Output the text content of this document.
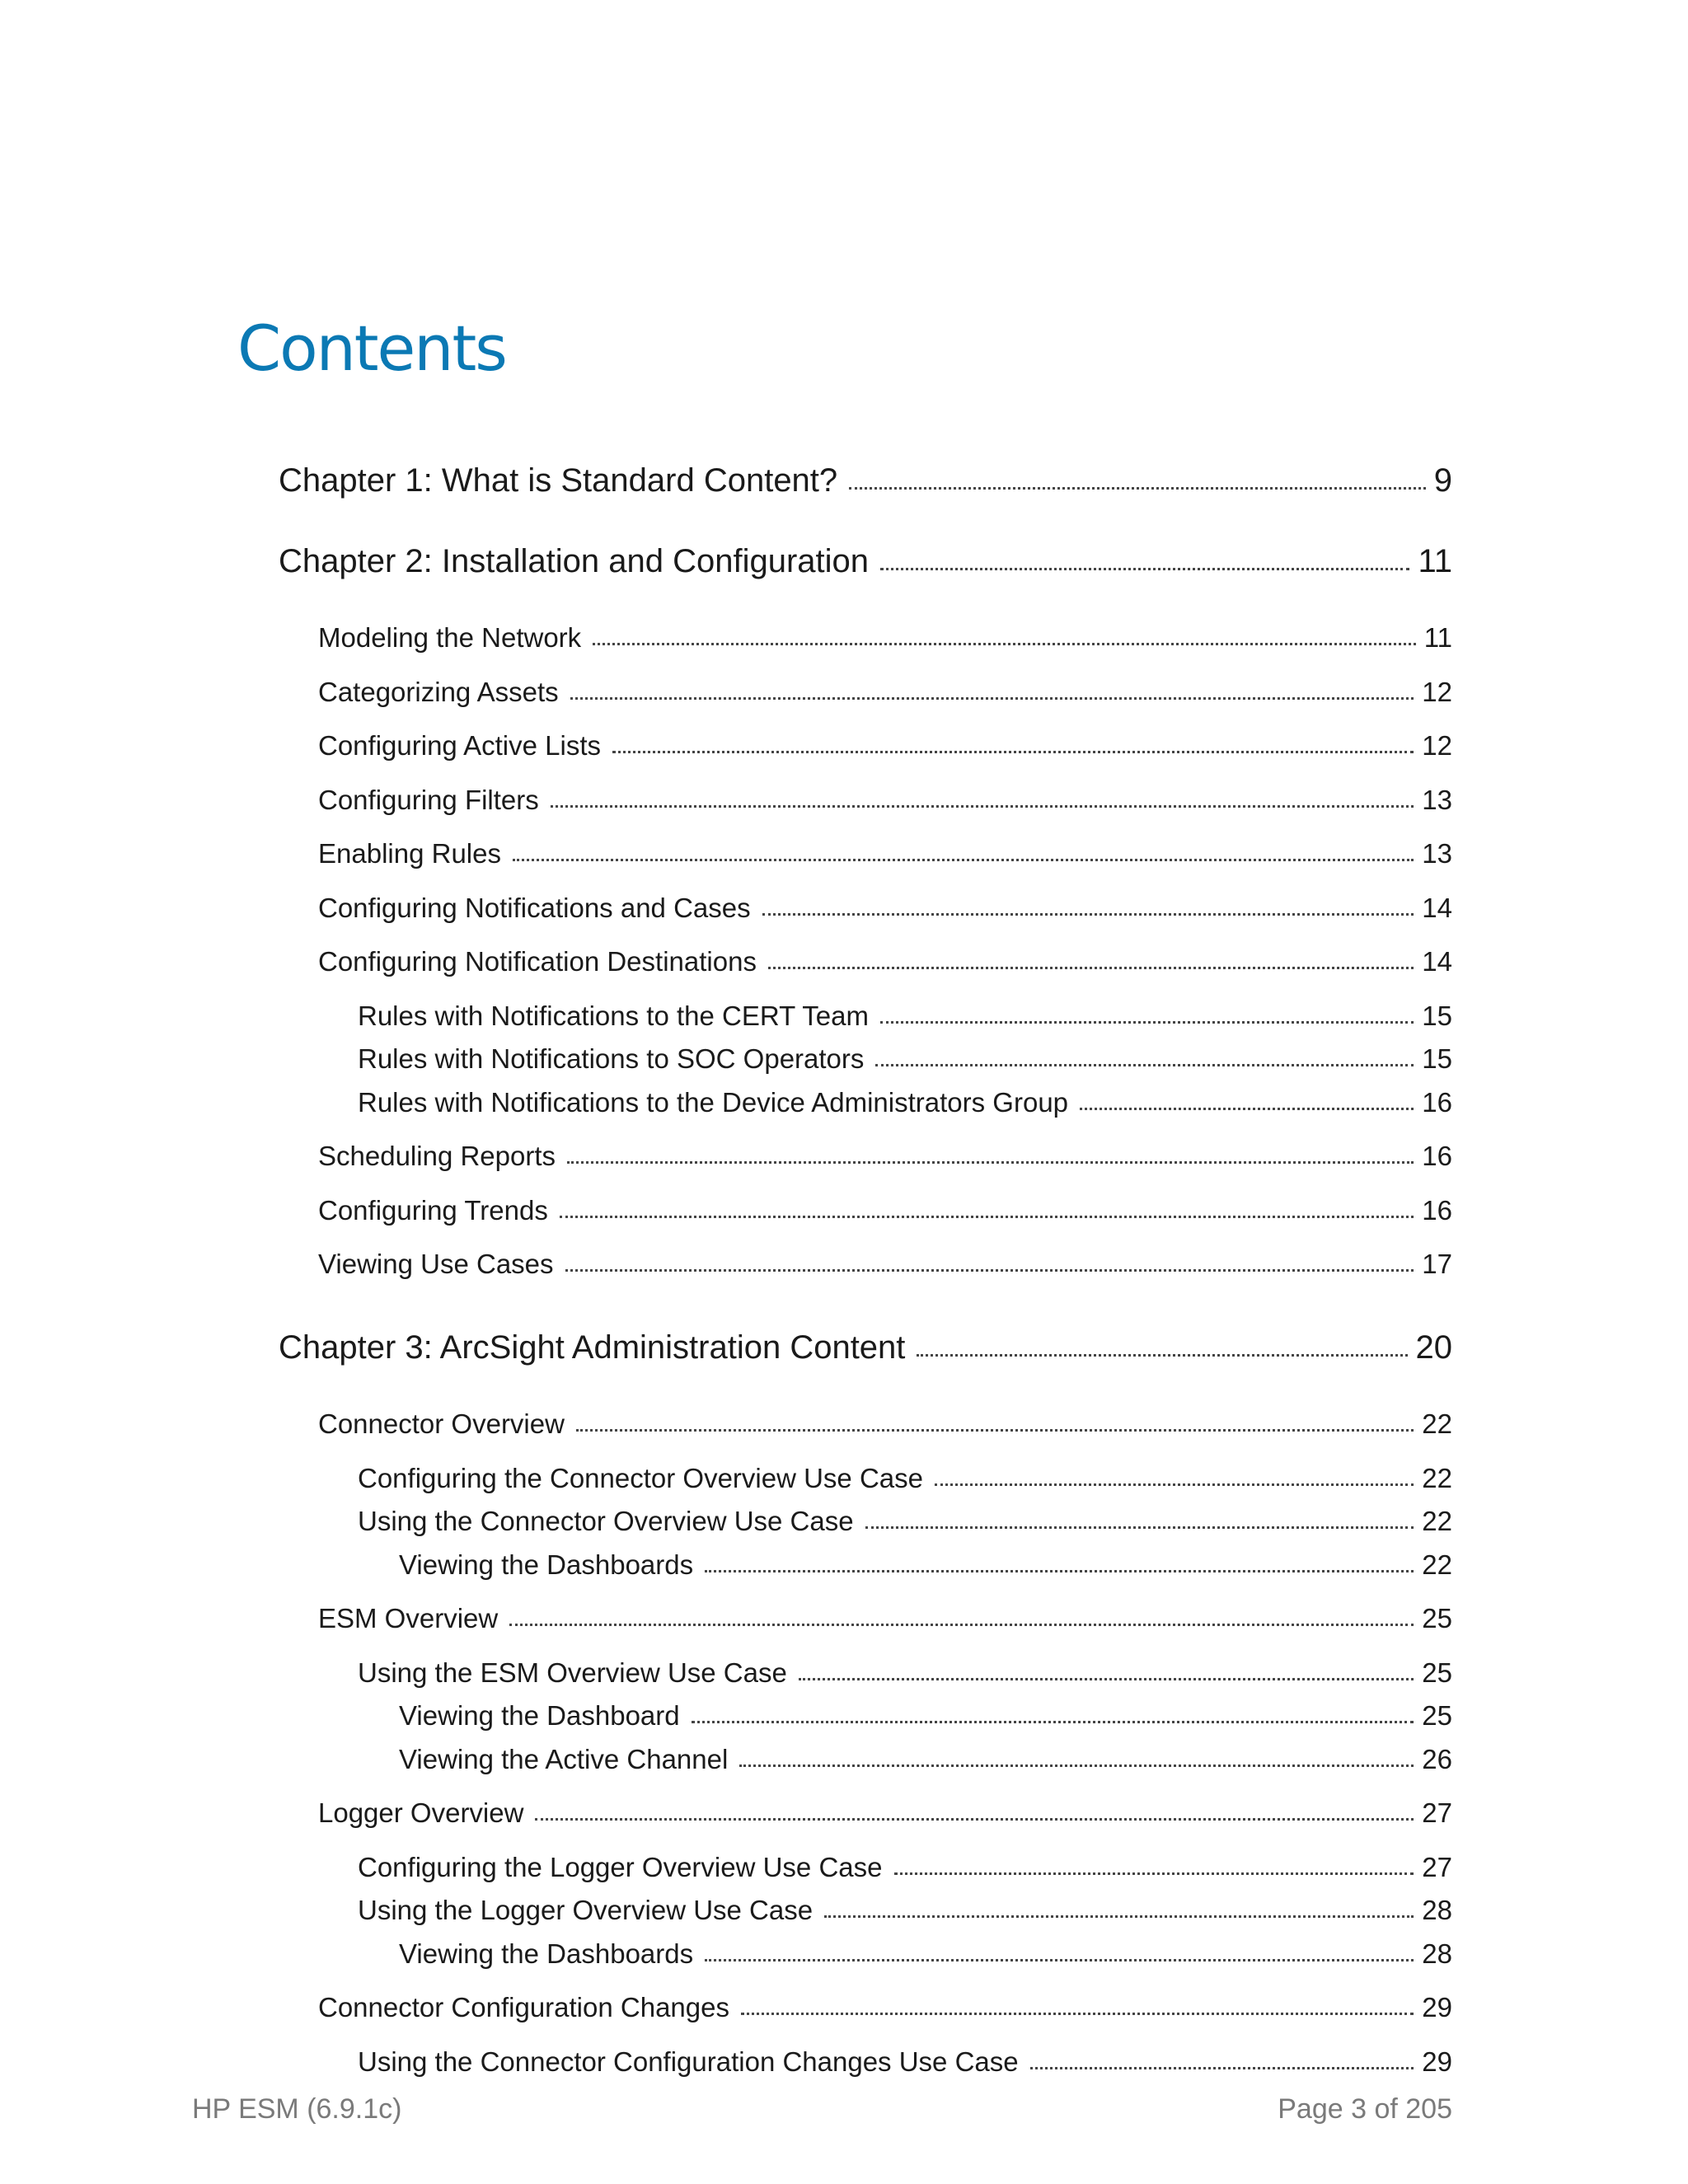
Contents
Chapter 1: What is Standard Content?	9
Chapter 2: Installation and Configuration	11
Modeling the Network	11
Categorizing Assets	12
Configuring Active Lists	12
Configuring Filters	13
Enabling Rules	13
Configuring Notifications and Cases	14
Configuring Notification Destinations	14
Rules with Notifications to the CERT Team	15
Rules with Notifications to SOC Operators	15
Rules with Notifications to the Device Administrators Group	16
Scheduling Reports	16
Configuring Trends	16
Viewing Use Cases	17
Chapter 3: ArcSight Administration Content	20
Connector Overview	22
Configuring the Connector Overview Use Case	22
Using the Connector Overview Use Case	22
Viewing the Dashboards	22
ESM Overview	25
Using the ESM Overview Use Case	25
Viewing the Dashboard	25
Viewing the Active Channel	26
Logger Overview	27
Configuring the Logger Overview Use Case	27
Using the Logger Overview Use Case	28
Viewing the Dashboards	28
Connector Configuration Changes	29
Using the Connector Configuration Changes Use Case	29
HP ESM (6.9.1c)	Page 3 of 205
